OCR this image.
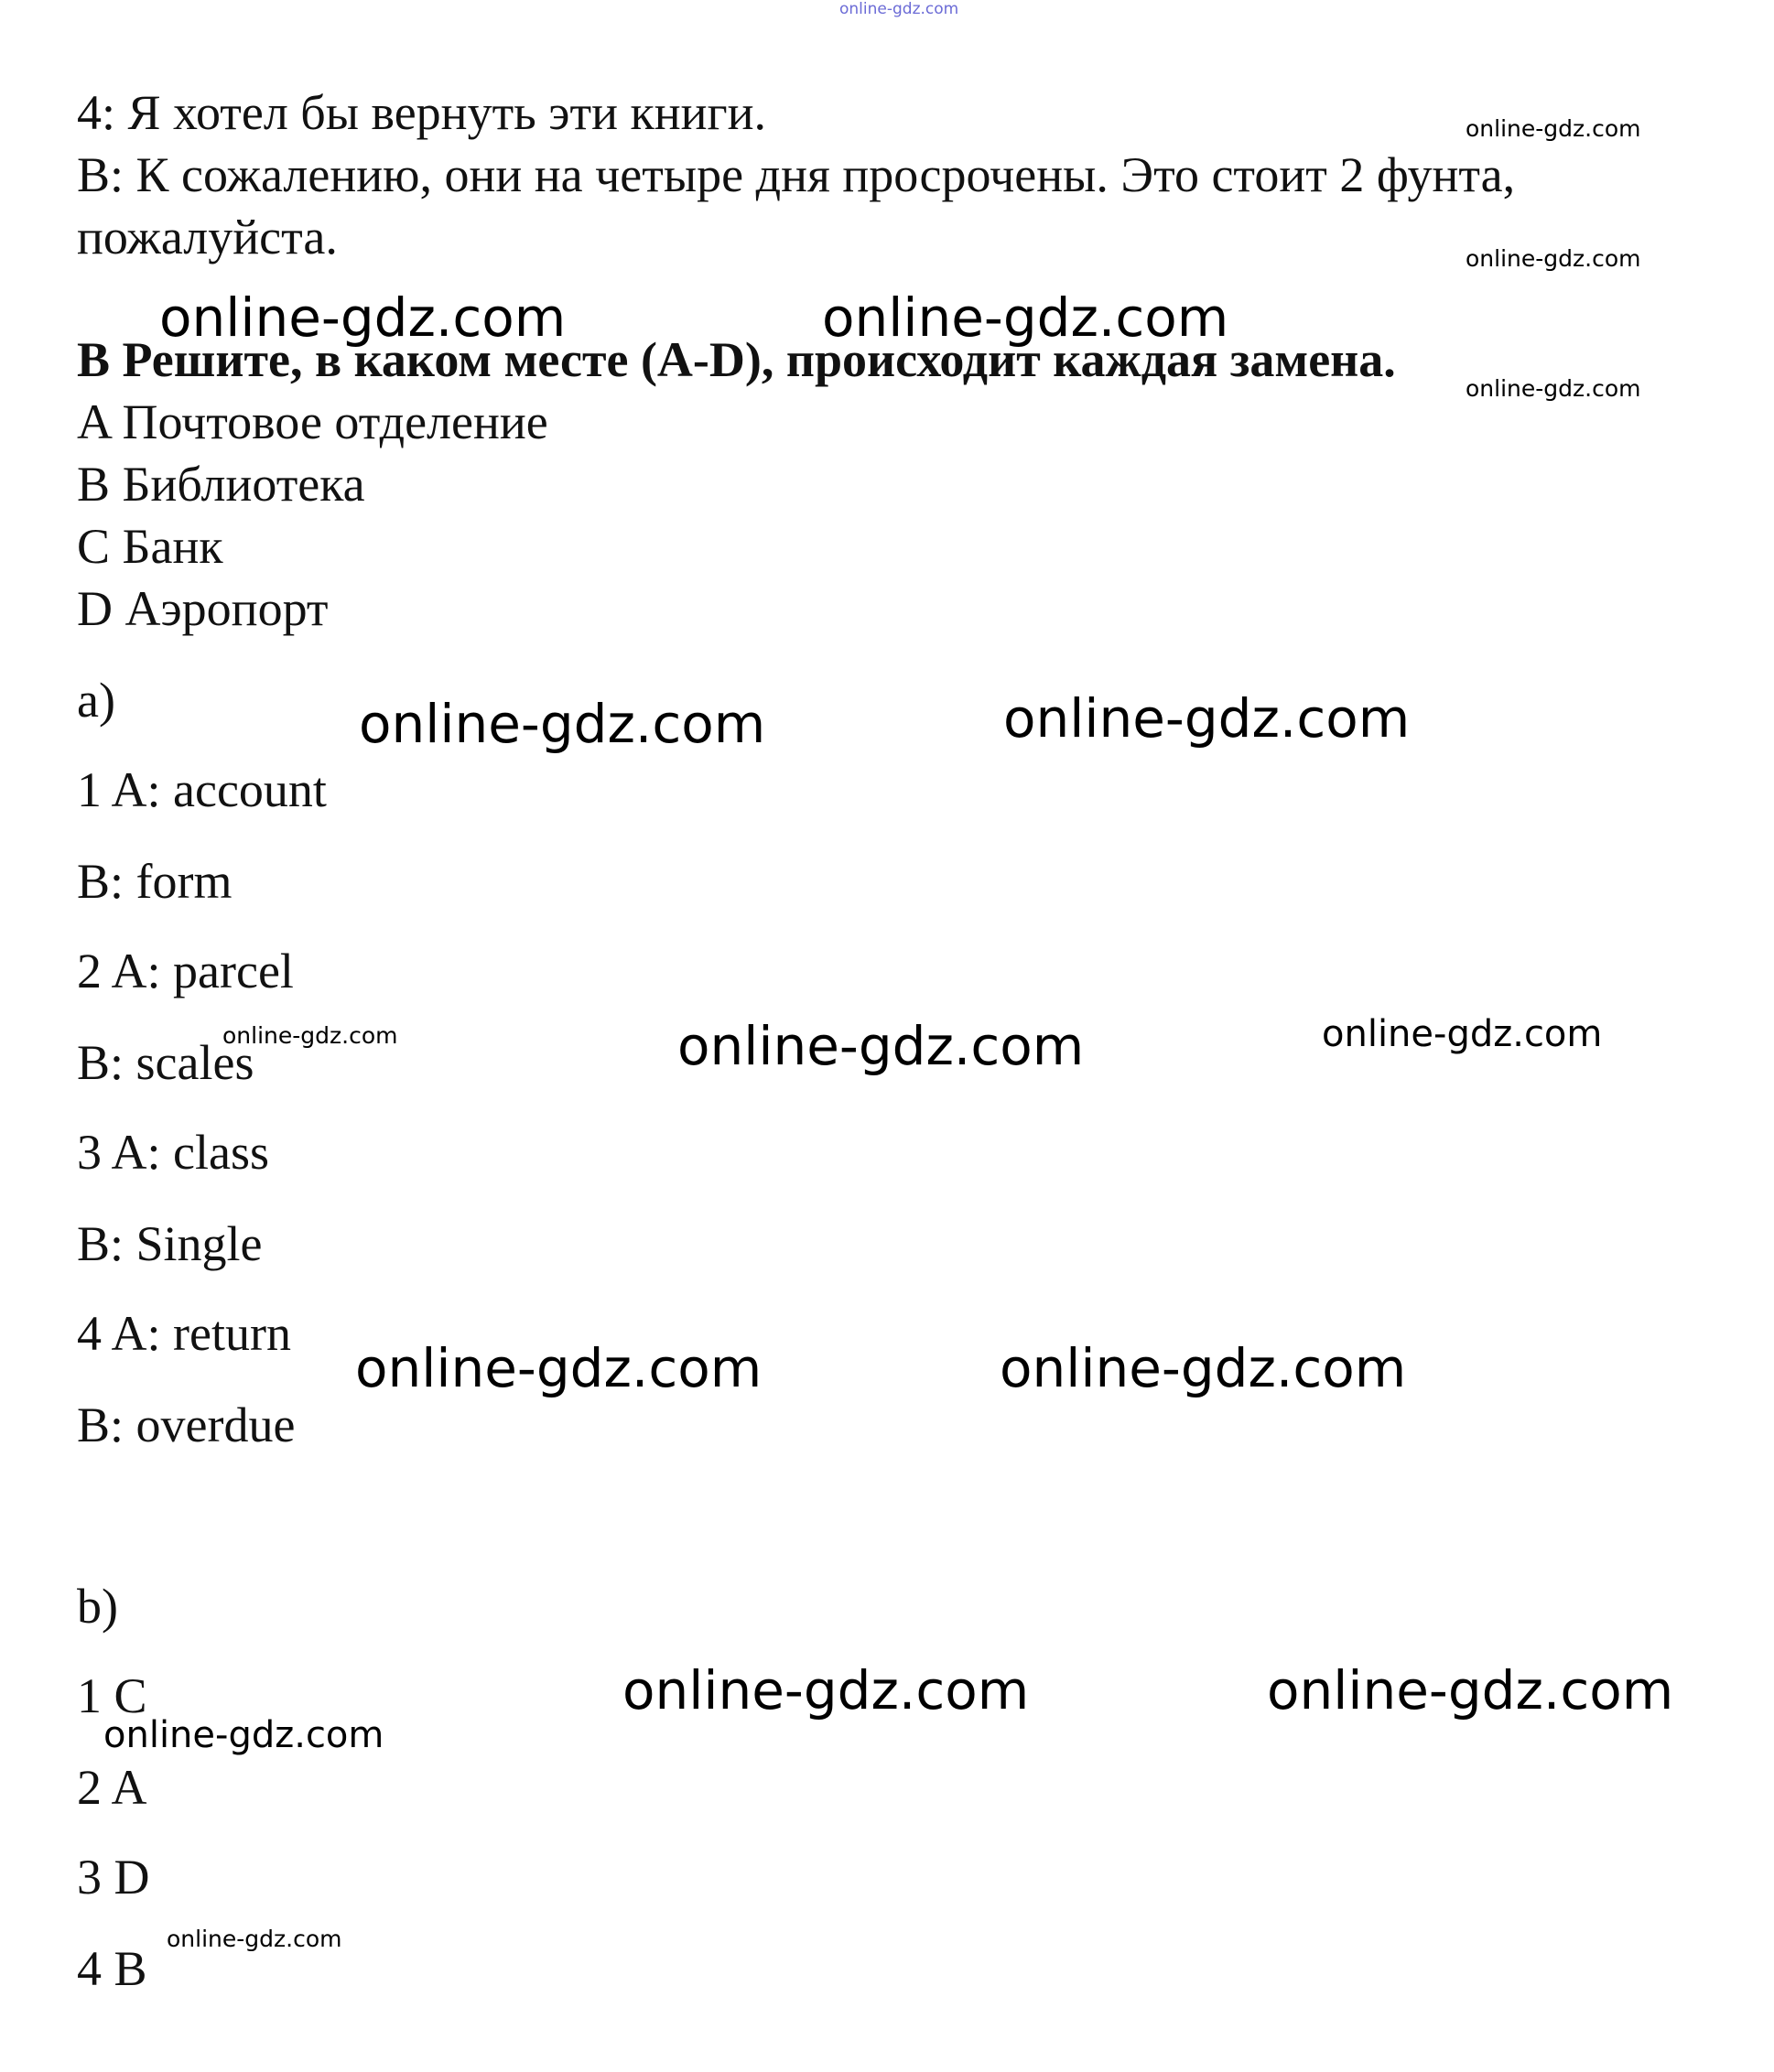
online-gdz.com
4: Я хотел бы вернуть эти книги.
B: К сожалению, они на четыре дня просрочены. Это стоит 2 фунта,
пожалуйста.
B Решите, в каком месте (A-D), происходит каждая замена.
A Почтовое отделение
B Библиотека
C Банк
D Аэропорт
a)
1 A: account
B: form
2 A: parcel
B: scales
3 A: class
B: Single
4 A: return
B: overdue
b)
1 C
2 A
3 D
4 B
online-gdz.com
online-gdz.com
online-gdz.com
online-gdz.com	online-gdz.com
online-gdz.com	online-gdz.com
online-gdz.com	online-gdz.com	online-gdz.com
online-gdz.com	online-gdz.com
online-gdz.com	online-gdz.com
online-gdz.com
online-gdz.com
